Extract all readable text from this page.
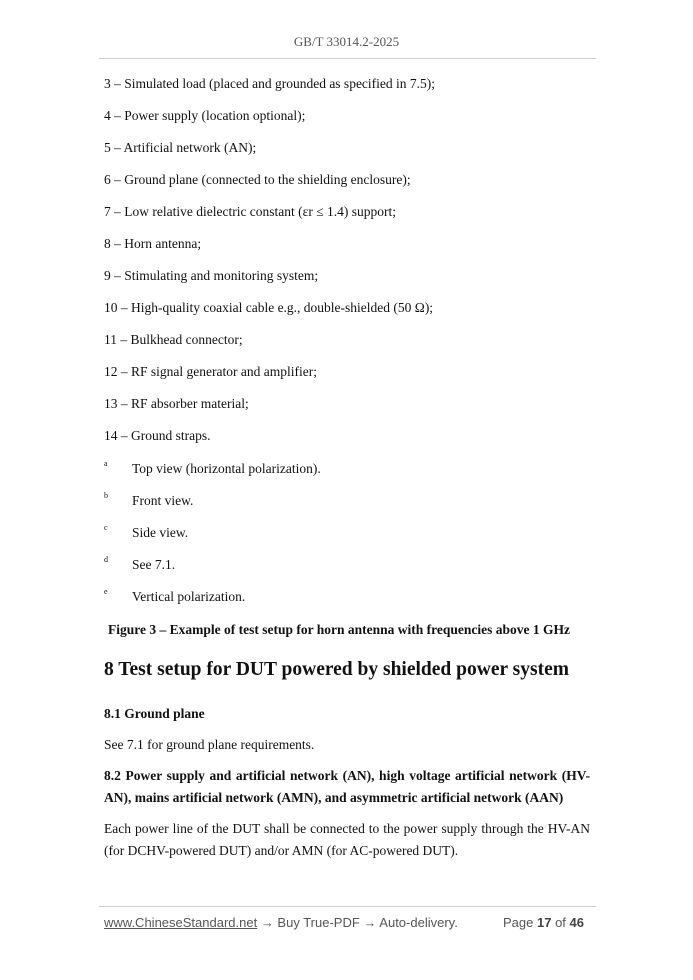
GB/T 33014.2-2025
3 – Simulated load (placed and grounded as specified in 7.5);
4 – Power supply (location optional);
5 – Artificial network (AN);
6 – Ground plane (connected to the shielding enclosure);
7 – Low relative dielectric constant (εr ≤ 1.4) support;
8 – Horn antenna;
9 – Stimulating and monitoring system;
10 – High-quality coaxial cable e.g., double-shielded (50 Ω);
11 – Bulkhead connector;
12 – RF signal generator and amplifier;
13 – RF absorber material;
14 – Ground straps.
a Top view (horizontal polarization).
b Front view.
c Side view.
d See 7.1.
e Vertical polarization.
Figure 3 – Example of test setup for horn antenna with frequencies above 1 GHz
8 Test setup for DUT powered by shielded power system
8.1 Ground plane
See 7.1 for ground plane requirements.
8.2 Power supply and artificial network (AN), high voltage artificial network (HV-AN), mains artificial network (AMN), and asymmetric artificial network (AAN)
Each power line of the DUT shall be connected to the power supply through the HV-AN (for DCHV-powered DUT) and/or AMN (for AC-powered DUT).
www.ChineseStandard.net → Buy True-PDF → Auto-delivery.	Page 17 of 46
